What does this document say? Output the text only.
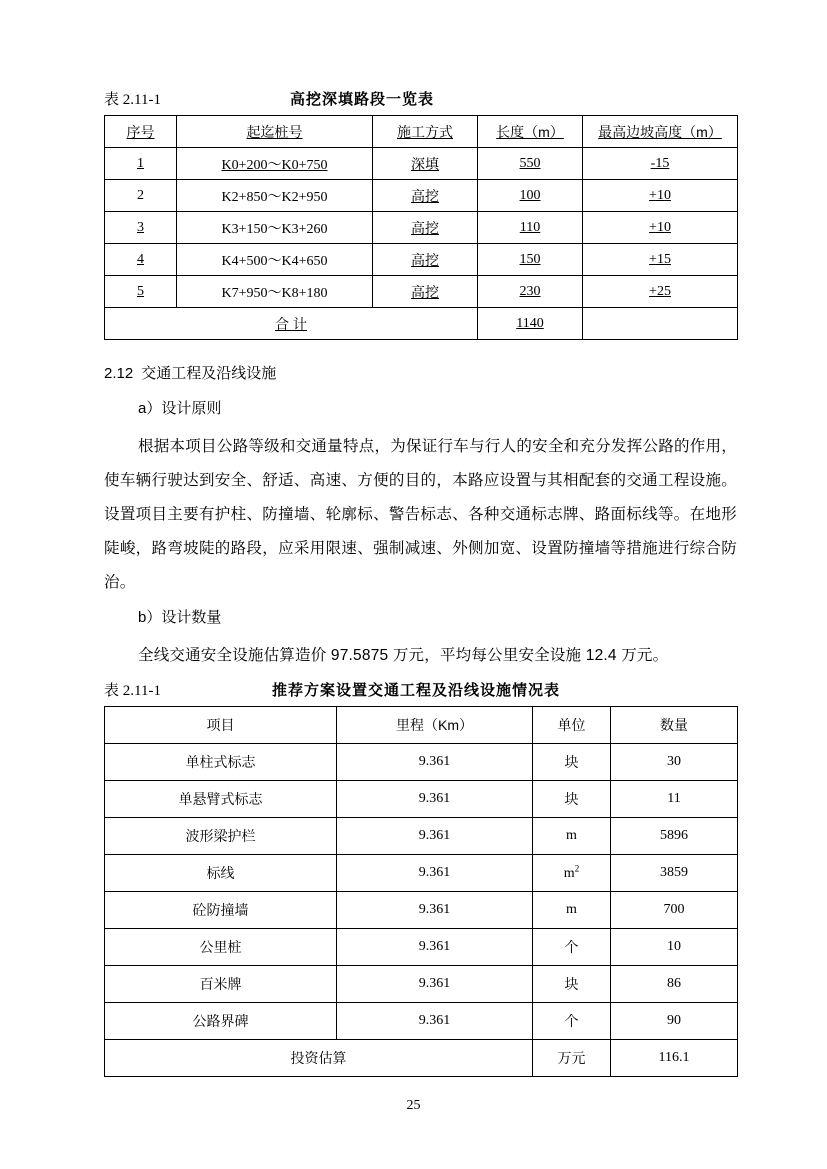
表 2.11-1	高挖深填路段一览表
序号	起迄桩号	施工方式	长度（m）	最高边坡高度（m）
1	K0+200～K0+750	深填	550	-15
2	K2+850～K2+950	高挖	100	+10
3	K3+150～K3+260	高挖	110	+10
4	K4+500～K4+650	高挖	150	+15
5	K7+950～K8+180	高挖	230	+25
合 计			1140	
2.12 交通工程及沿线设施
a）设计原则

根据本项目公路等级和交通量特点，为保证行车与行人的安全和充分发挥公路的作用，使车辆行驶达到安全、舒适、高速、方便的目的，本路应设置与其相配套的交通工程设施。设置项目主要有护柱、防撞墙、轮廓标、警告标志、各种交通标志牌、路面标线等。在地形陡峻，路弯坡陡的路段，应采用限速、强制减速、外侧加宽、设置防撞墙等措施进行综合防治。

b）设计数量

全线交通安全设施估算造价 97.5875 万元，平均每公里安全设施 12.4 万元。

表 2.11-1	推荐方案设置交通工程及沿线设施情况表
项目	里程（Km）	单位	数量
单柱式标志	9.361	块	30
单悬臂式标志	9.361	块	11
波形梁护栏	9.361	m	5896
标线	9.361	$m^2$	3859
砼防撞墙	9.361	m	700
公里桩	9.361	个	10
百米牌	9.361	块	86
公路界碑	9.361	个	90
投资估算		万元	116.1
25
